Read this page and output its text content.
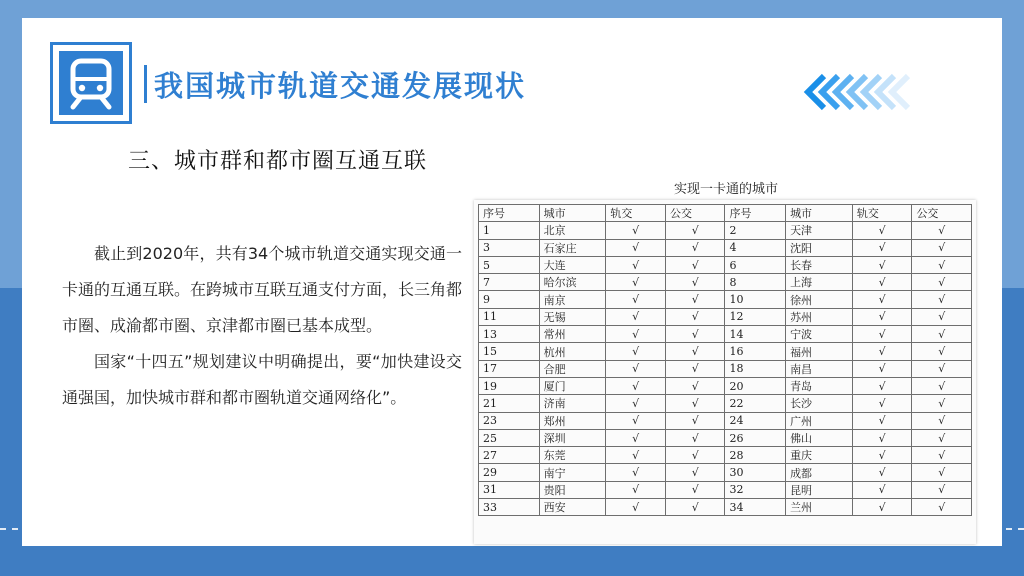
我国城市轨道交通发展现状
三、城市群和都市圈互通互联

截止到2020年，共有34个城市轨道交通实现交通一卡通的互通互联。在跨城市互联互通支付方面，长三角都市圈、成渝都市圈、京津都市圈已基本成型。

国家“十四五”规划建议中明确提出，要“加快建设交通强国，加快城市群和都市圈轨道交通网络化”。

实现一卡通的城市
序号	城市	轨交	公交	序号	城市	轨交	公交
1	北京	√	√	2	天津	√	√
3	石家庄	√	√	4	沈阳	√	√
5	大连	√	√	6	长春	√	√
7	哈尔滨	√	√	8	上海	√	√
9	南京	√	√	10	徐州	√	√
11	无锡	√	√	12	苏州	√	√
13	常州	√	√	14	宁波	√	√
15	杭州	√	√	16	福州	√	√
17	合肥	√	√	18	南昌	√	√
19	厦门	√	√	20	青岛	√	√
21	济南	√	√	22	长沙	√	√
23	郑州	√	√	24	广州	√	√
25	深圳	√	√	26	佛山	√	√
27	东莞	√	√	28	重庆	√	√
29	南宁	√	√	30	成都	√	√
31	贵阳	√	√	32	昆明	√	√
33	西安	√	√	34	兰州	√	√
